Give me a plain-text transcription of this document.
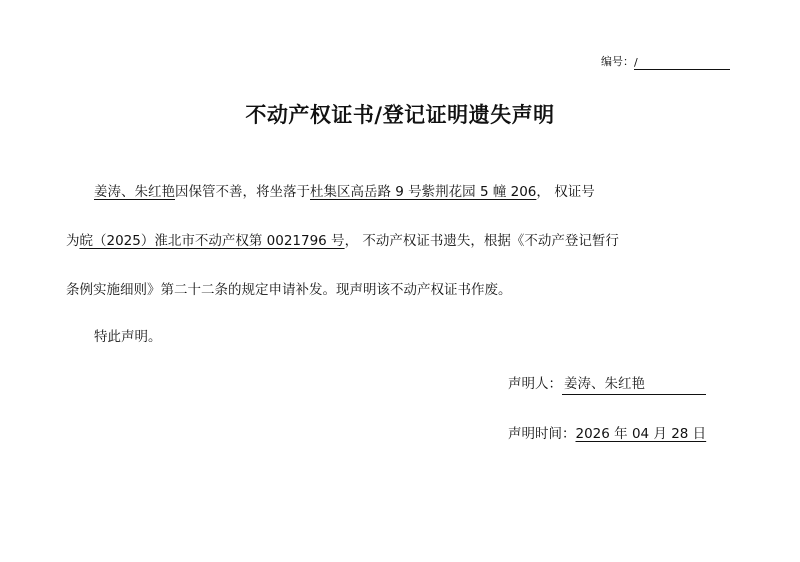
编号：/
不动产权证书/登记证明遗失声明
姜涛、朱红艳因保管不善，将坐落于杜集区高岳路 9 号紫荆花园 5 幢 206， 权证号
为皖（2025）淮北市不动产权第 0021796 号， 不动产权证书遗失，根据《不动产登记暂行
条例实施细则》第二十二条的规定申请补发。现声明该不动产权证书作废。
特此声明。
声明人： 姜涛、朱红艳
声明时间：2026 年 04 月 28 日
